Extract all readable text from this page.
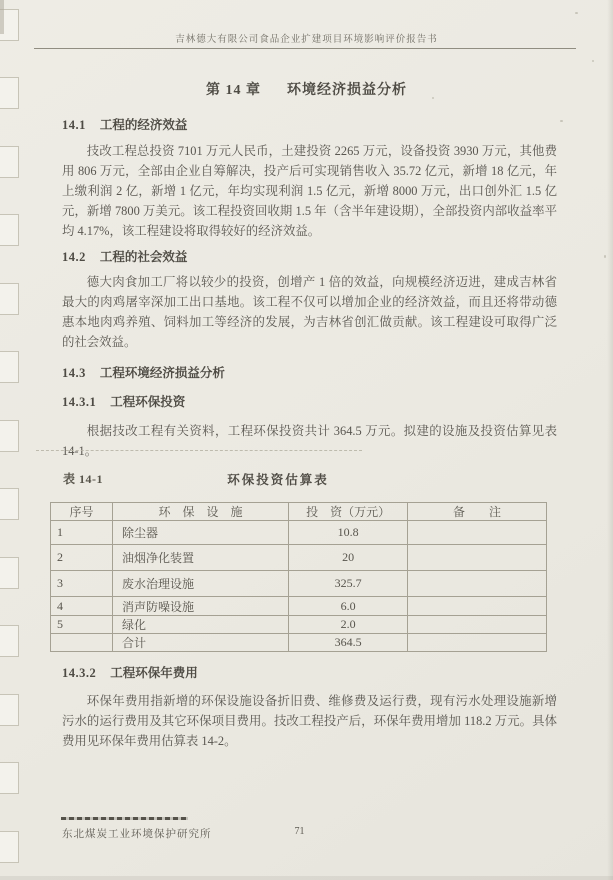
吉林德大有限公司食品企业扩建项目环境影响评价报告书
第 14 章 环境经济损益分析
14.1 工程的经济效益
技改工程总投资 7101 万元人民币，土建投资 2265 万元，设备投资 3930 万元，其他费用 806 万元，全部由企业自筹解决，投产后可实现销售收入 35.72 亿元，新增 18 亿元，年上缴利润 2 亿，新增 1 亿元，年均实现利润 1.5 亿元，新增 8000 万元，出口创外汇 1.5 亿元，新增 7800 万美元。该工程投资回收期 1.5 年（含半年建设期），全部投资内部收益率平均 4.17%，该工程建设将取得较好的经济效益。
14.2 工程的社会效益
德大肉食加工厂将以较少的投资，创增产 1 倍的效益，向规模经济迈进，建成吉林省最大的肉鸡屠宰深加工出口基地。该工程不仅可以增加企业的经济效益，而且还将带动德惠本地肉鸡养殖、饲料加工等经济的发展，为吉林省创汇做贡献。该工程建设可取得广泛的社会效益。
14.3 工程环境经济损益分析
14.3.1 工程环保投资
根据技改工程有关资料，工程环保投资共计 364.5 万元。拟建的设施及投资估算见表 14-1。
表 14-1	环保投资估算表
序号	环　保　设　施	投　资（万元）	备　　注
1	除尘器	10.8	
2	油烟净化装置	20	
3	废水治理设施	325.7	
4	消声防噪设施	6.0	
5	绿化	2.0	
	合计	364.5	
14.3.2 工程环保年费用
环保年费用指新增的环保设施设备折旧费、维修费及运行费，现有污水处理设施新增污水的运行费用及其它环保项目费用。技改工程投产后，环保年费用增加 118.2 万元。具体费用见环保年费用估算表 14-2。
东北煤炭工业环境保护研究所	71
